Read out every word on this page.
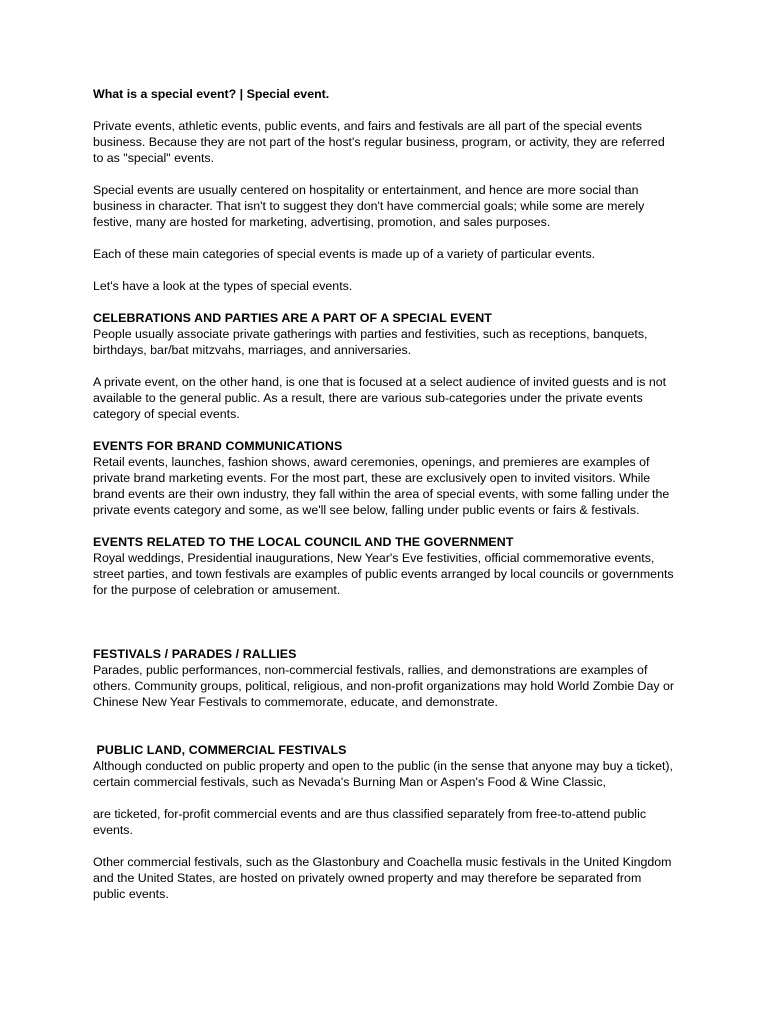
What is a special event? | Special event.

Private events, athletic events, public events, and fairs and festivals are all part of the special events business. Because they are not part of the host's regular business, program, or activity, they are referred to as "special" events.

Special events are usually centered on hospitality or entertainment, and hence are more social than business in character. That isn't to suggest they don't have commercial goals; while some are merely festive, many are hosted for marketing, advertising, promotion, and sales purposes.

Each of these main categories of special events is made up of a variety of particular events.

Let's have a look at the types of special events.

CELEBRATIONS AND PARTIES ARE A PART OF A SPECIAL EVENT

People usually associate private gatherings with parties and festivities, such as receptions, banquets, birthdays, bar/bat mitzvahs, marriages, and anniversaries.

A private event, on the other hand, is one that is focused at a select audience of invited guests and is not available to the general public. As a result, there are various sub-categories under the private events category of special events.

EVENTS FOR BRAND COMMUNICATIONS

Retail events, launches, fashion shows, award ceremonies, openings, and premieres are examples of private brand marketing events. For the most part, these are exclusively open to invited visitors. While brand events are their own industry, they fall within the area of special events, with some falling under the private events category and some, as we'll see below, falling under public events or fairs & festivals.

EVENTS RELATED TO THE LOCAL COUNCIL AND THE GOVERNMENT

Royal weddings, Presidential inaugurations, New Year's Eve festivities, official commemorative events, street parties, and town festivals are examples of public events arranged by local councils or governments for the purpose of celebration or amusement.

FESTIVALS / PARADES / RALLIES

Parades, public performances, non-commercial festivals, rallies, and demonstrations are examples of others. Community groups, political, religious, and non-profit organizations may hold World Zombie Day or Chinese New Year Festivals to commemorate, educate, and demonstrate.

PUBLIC LAND, COMMERCIAL FESTIVALS

Although conducted on public property and open to the public (in the sense that anyone may buy a ticket), certain commercial festivals, such as Nevada's Burning Man or Aspen's Food & Wine Classic,

are ticketed, for-profit commercial events and are thus classified separately from free-to-attend public events.

Other commercial festivals, such as the Glastonbury and Coachella music festivals in the United Kingdom and the United States, are hosted on privately owned property and may therefore be separated from public events.
